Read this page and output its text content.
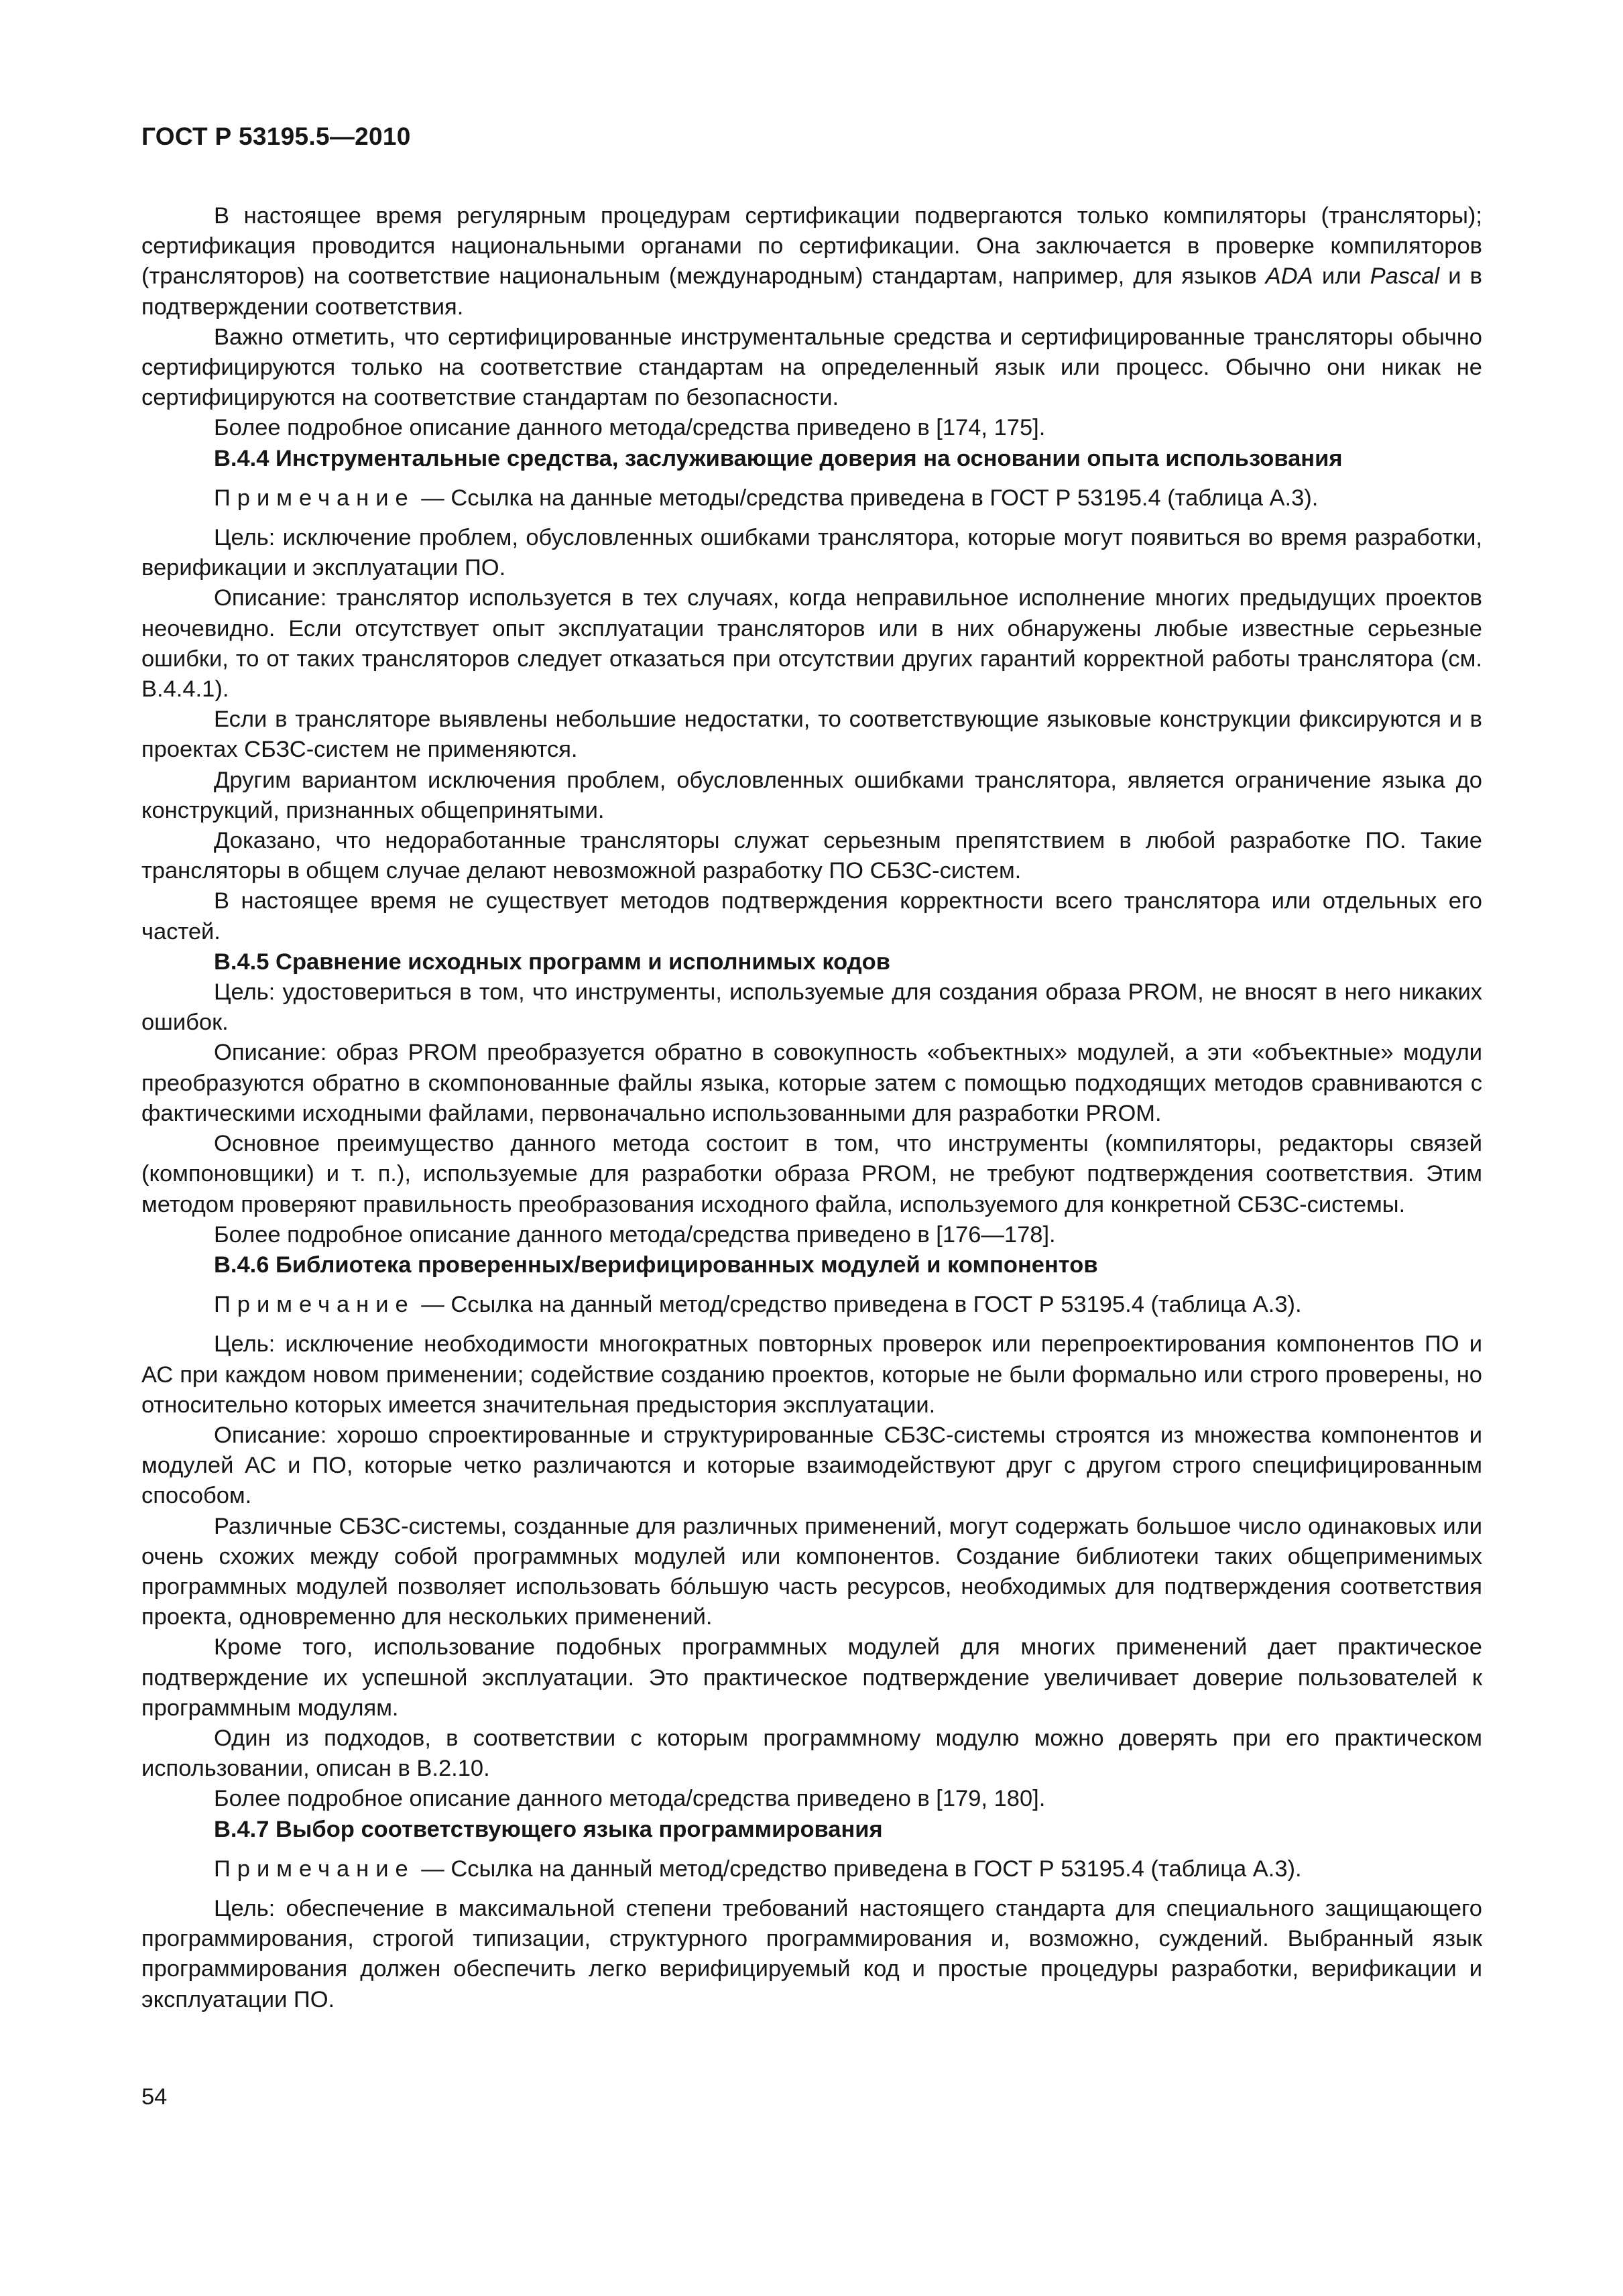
ГОСТ Р 53195.5—2010

В настоящее время регулярным процедурам сертификации подвергаются только компиляторы (трансляторы); сертификация проводится национальными органами по сертификации. Она заключается в проверке компиляторов (трансляторов) на соответствие национальным (международным) стандартам, например, для языков ADA или Pascal и в подтверждении соответствия.

Важно отметить, что сертифицированные инструментальные средства и сертифицированные трансляторы обычно сертифицируются только на соответствие стандартам на определенный язык или процесс. Обычно они никак не сертифицируются на соответствие стандартам по безопасности.

Более подробное описание данного метода/средства приведено в [174, 175].

В.4.4 Инструментальные средства, заслуживающие доверия на основании опыта использования

Примечание — Ссылка на данные методы/средства приведена в ГОСТ Р 53195.4 (таблица А.3).

Цель: исключение проблем, обусловленных ошибками транслятора, которые могут появиться во время разработки, верификации и эксплуатации ПО.

Описание: транслятор используется в тех случаях, когда неправильное исполнение многих предыдущих проектов неочевидно. Если отсутствует опыт эксплуатации трансляторов или в них обнаружены любые известные серьезные ошибки, то от таких трансляторов следует отказаться при отсутствии других гарантий корректной работы транслятора (см. В.4.4.1).

Если в трансляторе выявлены небольшие недостатки, то соответствующие языковые конструкции фиксируются и в проектах СБЗС-систем не применяются.

Другим вариантом исключения проблем, обусловленных ошибками транслятора, является ограничение языка до конструкций, признанных общепринятыми.

Доказано, что недоработанные трансляторы служат серьезным препятствием в любой разработке ПО. Такие трансляторы в общем случае делают невозможной разработку ПО СБЗС-систем.

В настоящее время не существует методов подтверждения корректности всего транслятора или отдельных его частей.

В.4.5 Сравнение исходных программ и исполнимых кодов

Цель: удостовериться в том, что инструменты, используемые для создания образа PROM, не вносят в него никаких ошибок.

Описание: образ PROM преобразуется обратно в совокупность «объектных» модулей, а эти «объектные» модули преобразуются обратно в скомпонованные файлы языка, которые затем с помощью подходящих методов сравниваются с фактическими исходными файлами, первоначально использованными для разработки PROM.

Основное преимущество данного метода состоит в том, что инструменты (компиляторы, редакторы связей (компоновщики) и т. п.), используемые для разработки образа PROM, не требуют подтверждения соответствия. Этим методом проверяют правильность преобразования исходного файла, используемого для конкретной СБЗС-системы.

Более подробное описание данного метода/средства приведено в [176—178].

В.4.6 Библиотека проверенных/верифицированных модулей и компонентов

Примечание — Ссылка на данный метод/средство приведена в ГОСТ Р 53195.4 (таблица А.3).

Цель: исключение необходимости многократных повторных проверок или перепроектирования компонентов ПО и АС при каждом новом применении; содействие созданию проектов, которые не были формально или строго проверены, но относительно которых имеется значительная предыстория эксплуатации.

Описание: хорошо спроектированные и структурированные СБЗС-системы строятся из множества компонентов и модулей АС и ПО, которые четко различаются и которые взаимодействуют друг с другом строго специфицированным способом.

Различные СБЗС-системы, созданные для различных применений, могут содержать большое число одинаковых или очень схожих между собой программных модулей или компонентов. Создание библиотеки таких общеприменимых программных модулей позволяет использовать бо́льшую часть ресурсов, необходимых для подтверждения соответствия проекта, одновременно для нескольких применений.

Кроме того, использование подобных программных модулей для многих применений дает практическое подтверждение их успешной эксплуатации. Это практическое подтверждение увеличивает доверие пользователей к программным модулям.

Один из подходов, в соответствии с которым программному модулю можно доверять при его практическом использовании, описан в В.2.10.

Более подробное описание данного метода/средства приведено в [179, 180].

В.4.7 Выбор соответствующего языка программирования

Примечание — Ссылка на данный метод/средство приведена в ГОСТ Р 53195.4 (таблица А.3).

Цель: обеспечение в максимальной степени требований настоящего стандарта для специального защищающего программирования, строгой типизации, структурного программирования и, возможно, суждений. Выбранный язык программирования должен обеспечить легко верифицируемый код и простые процедуры разработки, верификации и эксплуатации ПО.

54
